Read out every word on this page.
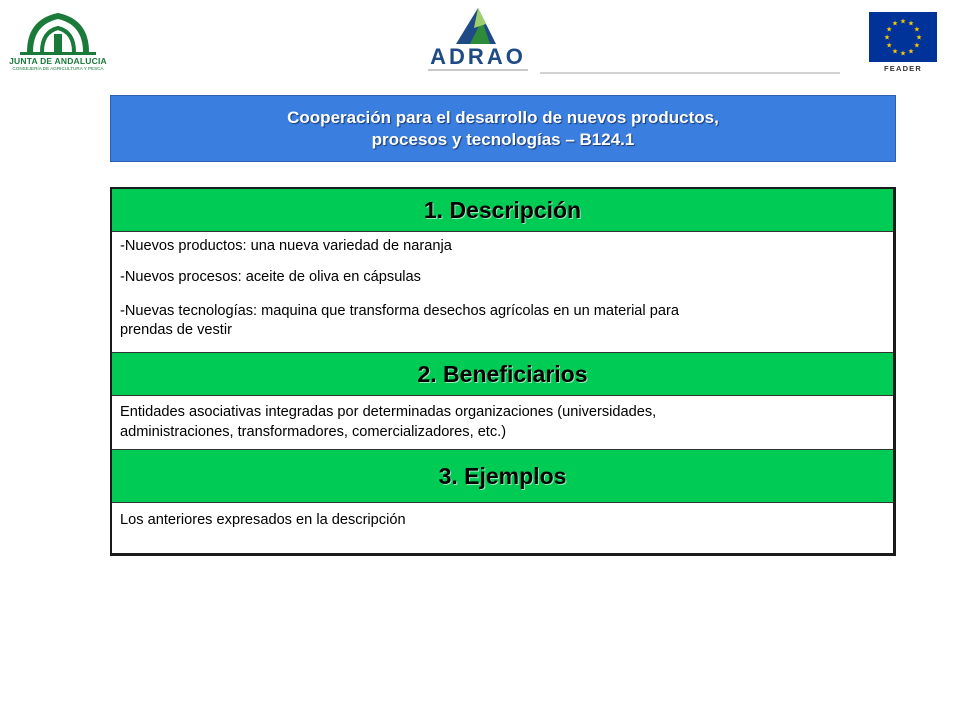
JUNTA DE ANDALUCIA
CONSEJERÍA DE AGRICULTURA Y PESCA	ADRAO
★ ★
★
★
★
★
★
★
★
★
★
★
FEADER
Cooperación para el desarrollo de nuevos productos,
procesos y tecnologías – B124.1
1. Descripción
-Nuevos productos: una nueva variedad de naranja
-Nuevos procesos: aceite de oliva en cápsulas
-Nuevas tecnologías: maquina que transforma desechos agrícolas en un material para
prendas de vestir
2. Beneficiarios
Entidades asociativas integradas por determinadas organizaciones (universidades,
administraciones, transformadores, comercializadores, etc.)
3. Ejemplos
Los anteriores expresados en la descripción
